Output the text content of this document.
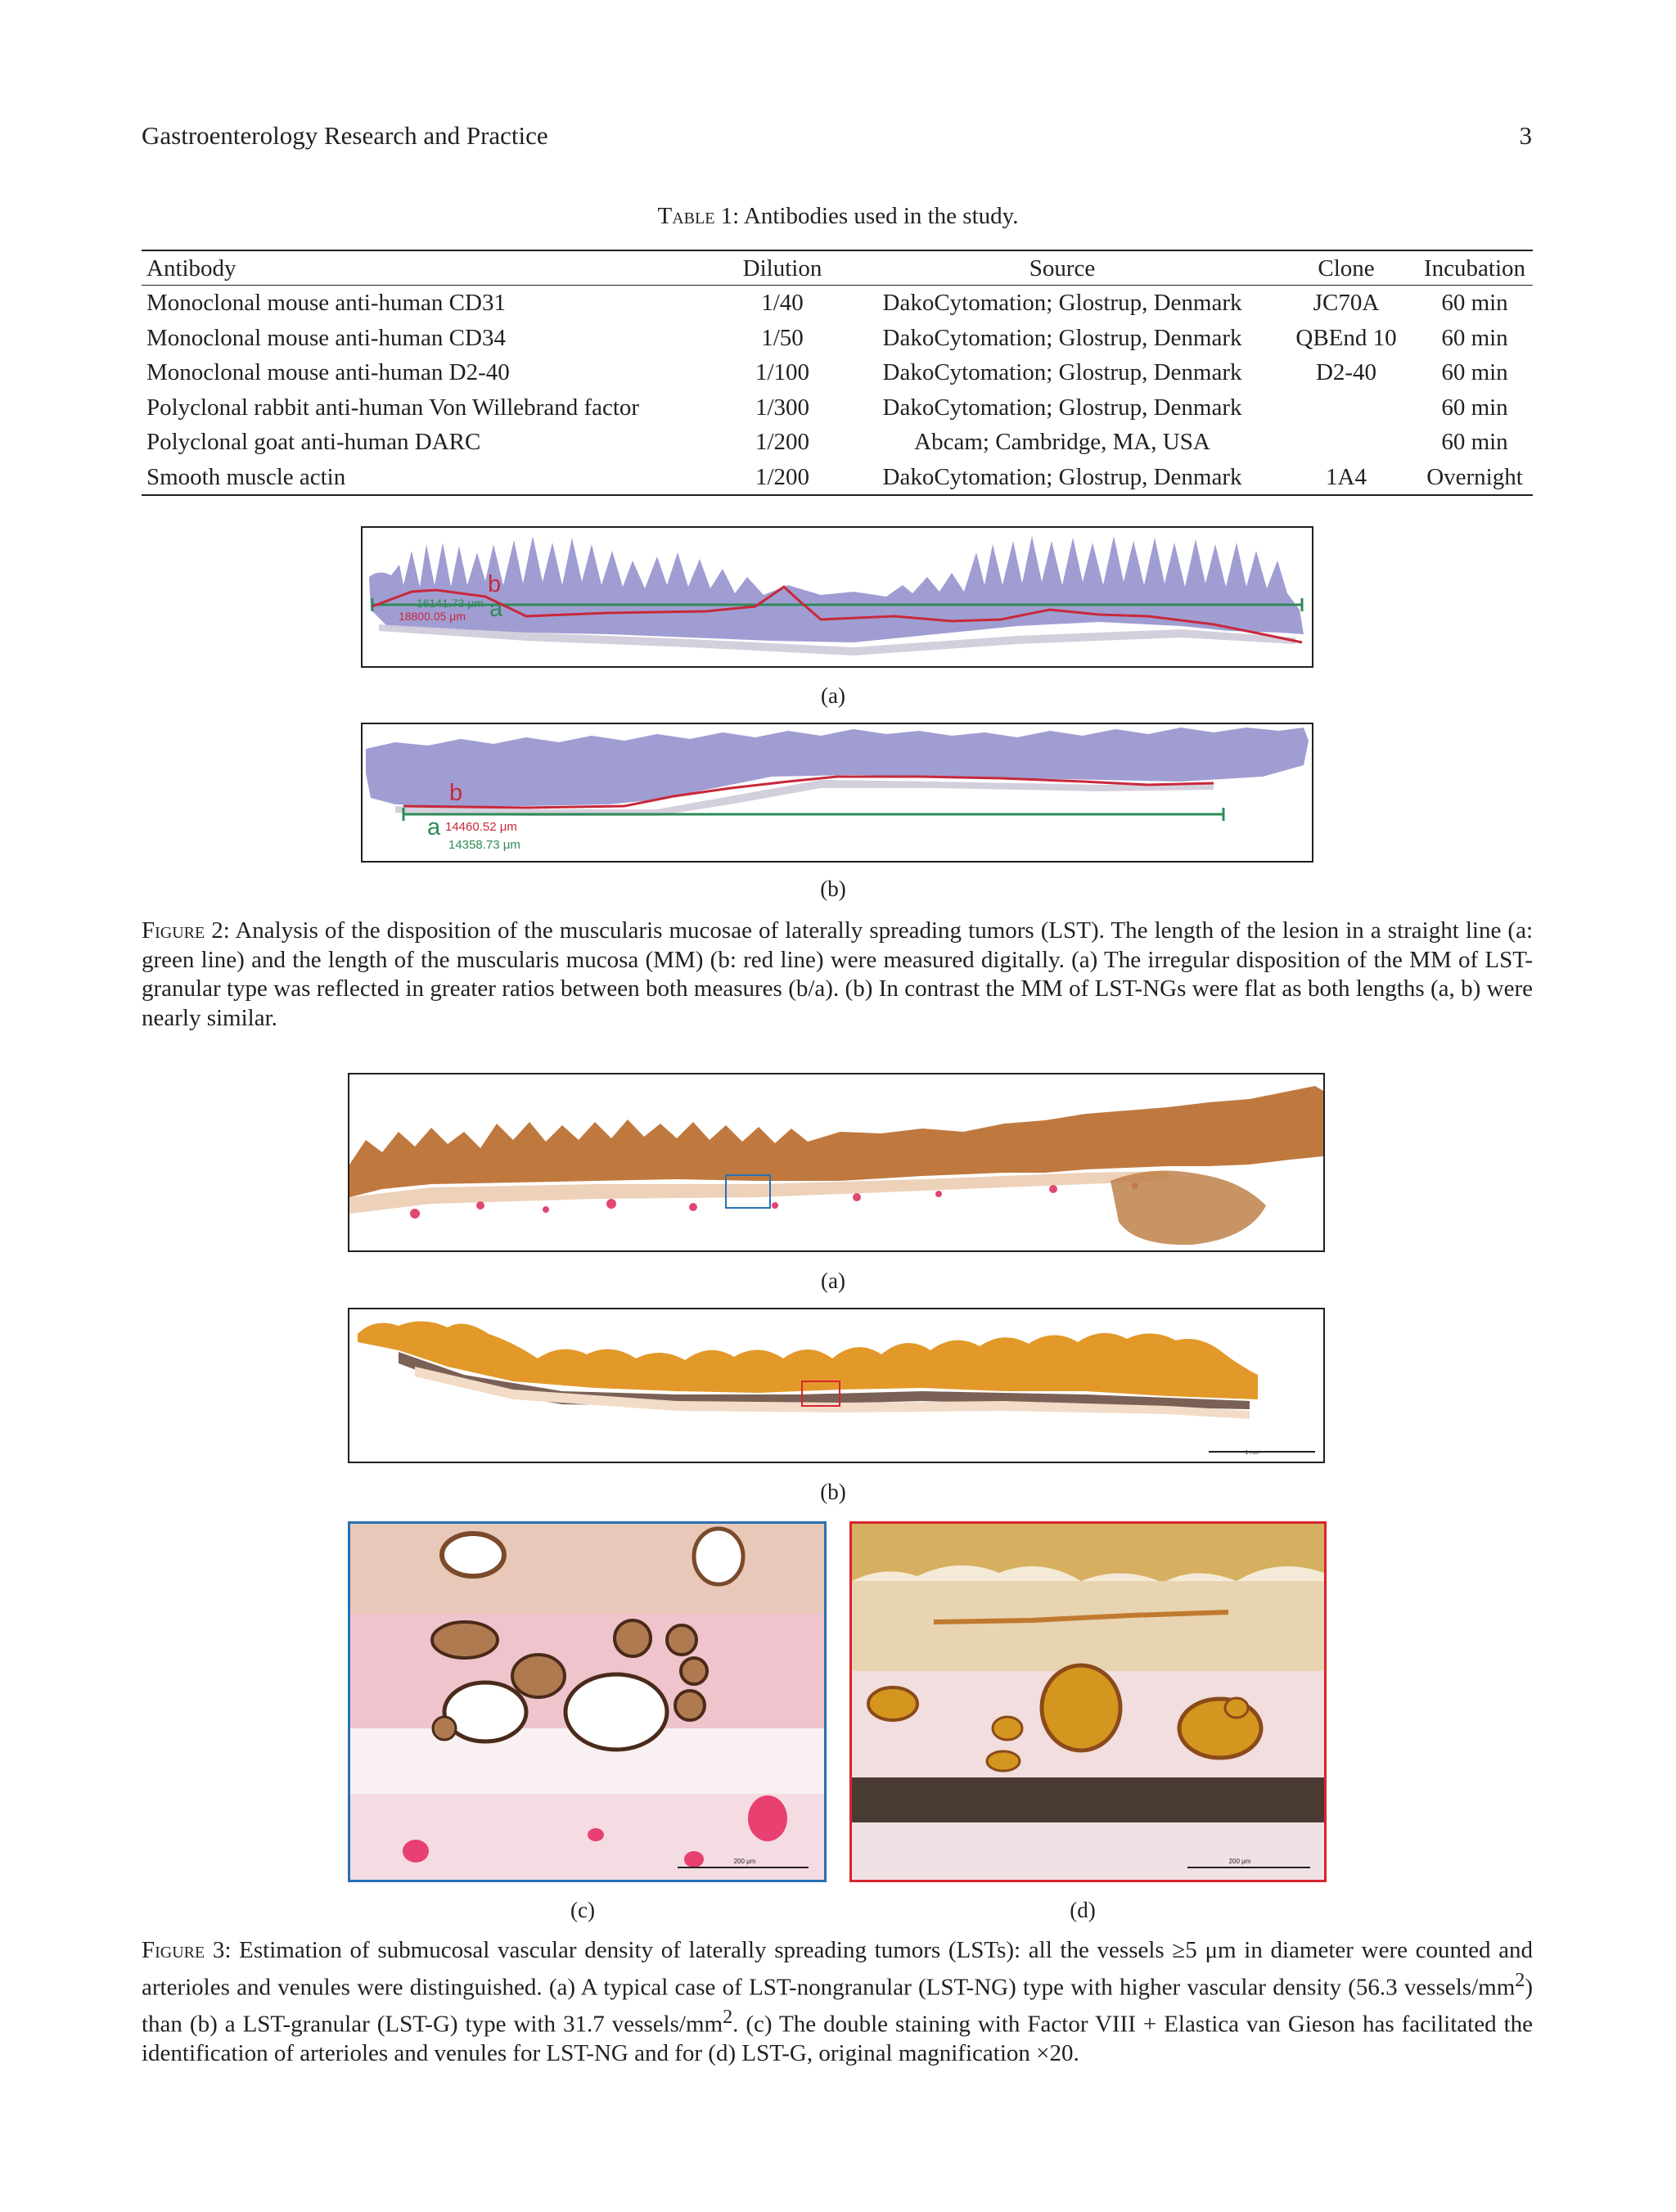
Gastroenterology Research and Practice	3
Table 1: Antibodies used in the study.
Antibody	Dilution	Source	Clone	Incubation
Monoclonal mouse anti-human CD31	1/40	DakoCytomation; Glostrup, Denmark	JC70A	60 min
Monoclonal mouse anti-human CD34	1/50	DakoCytomation; Glostrup, Denmark	QBEnd 10	60 min
Monoclonal mouse anti-human D2-40	1/100	DakoCytomation; Glostrup, Denmark	D2-40	60 min
Polyclonal rabbit anti-human Von Willebrand factor	1/300	DakoCytomation; Glostrup, Denmark		60 min
Polyclonal goat anti-human DARC	1/200	Abcam; Cambridge, MA, USA		60 min
Smooth muscle actin	1/200	DakoCytomation; Glostrup, Denmark	1A4	Overnight
b
a
16141.73 μm
18800.05 μm
(a)
b
a 14460.52 μm
14358.73 μm
(b)
Figure 2: Analysis of the disposition of the muscularis mucosae of laterally spreading tumors (LST). The length of the lesion in a straight line (a: green line) and the length of the muscularis mucosa (MM) (b: red line) were measured digitally. (a) The irregular disposition of the MM of LST-granular type was reflected in greater ratios between both measures (b/a). (b) In contrast the MM of LST-NGs were flat as both lengths (a, b) were nearly similar.
(a)
1 mm
(b)
200 μm
(c)
200 μm
(d)
Figure 3: Estimation of submucosal vascular density of laterally spreading tumors (LSTs): all the vessels ≥5 μm in diameter were counted and arterioles and venules were distinguished. (a) A typical case of LST-nongranular (LST-NG) type with higher vascular density (56.3 vessels/$mm^2$) than (b) a LST-granular (LST-G) type with 31.7 vessels/$mm^2$. (c) The double staining with Factor VIII + Elastica van Gieson has facilitated the identification of arterioles and venules for LST-NG and for (d) LST-G, original magnification ×20.
